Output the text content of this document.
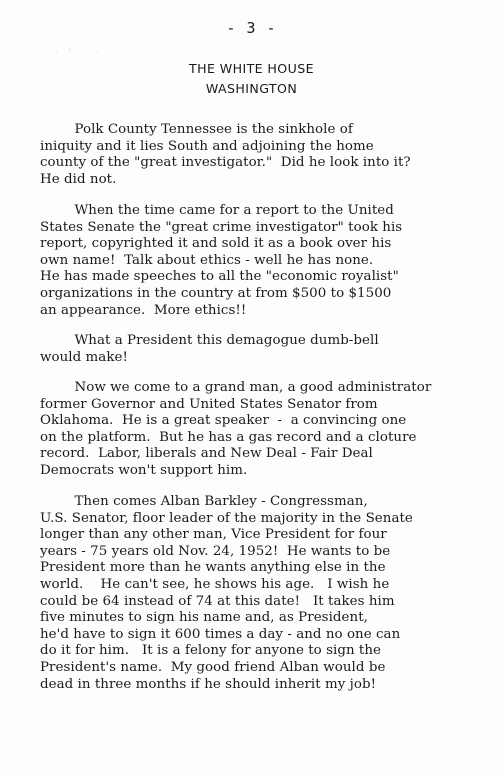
· ‘ ˙ ·
- 3 -
THE WHITE HOUSE
WASHINGTON
Polk County Tennessee is the sinkhole of
iniquity and it lies South and adjoining the home
county of the "great investigator."  Did he look into it?
He did not.
When the time came for a report to the United
States Senate the "great crime investigator" took his
report, copyrighted it and sold it as a book over his
own name!  Talk about ethics - well he has none.
He has made speeches to all the "economic royalist"
organizations in the country at from $500 to $1500
an appearance.  More ethics!!
What a President this demagogue dumb-bell
would make!
Now we come to a grand man, a good administrator
former Governor and United States Senator from
Oklahoma.  He is a great speaker  -  a convincing one
on the platform.  But he has a gas record and a cloture
record.  Labor, liberals and New Deal - Fair Deal
Democrats won't support him.
Then comes Alban Barkley - Congressman,
U.S. Senator, floor leader of the majority in the Senate
longer than any other man, Vice President for four
years - 75 years old Nov. 24, 1952!  He wants to be
President more than he wants anything else in the
world.    He can't see, he shows his age.   I wish he
could be 64 instead of 74 at this date!   It takes him
five minutes to sign his name and, as President,
he'd have to sign it 600 times a day - and no one can
do it for him.   It is a felony for anyone to sign the
President's name.  My good friend Alban would be
dead in three months if he should inherit my job!
